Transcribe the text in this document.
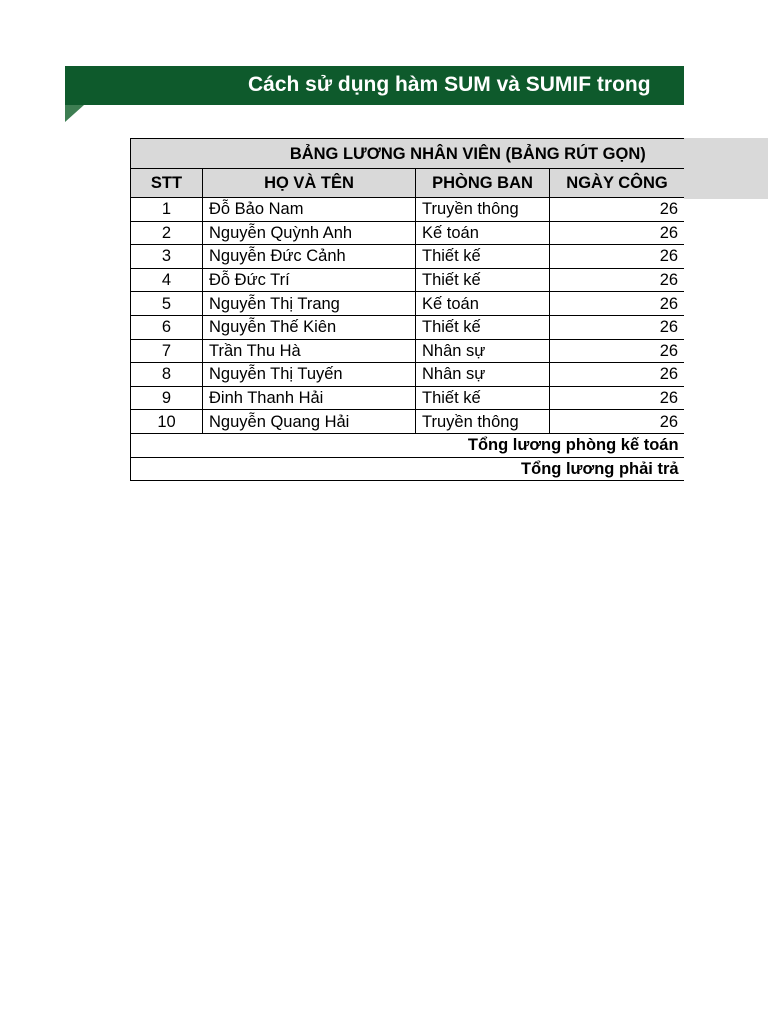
Cách sử dụng hàm SUM và SUMIF trong
BẢNG LƯƠNG NHÂN VIÊN (BẢNG RÚT GỌN)			
STT	HỌ VÀ TÊN	PHÒNG BAN	NGÀY CÔNG
1	Đỗ Bảo Nam	Truyền thông	26
2	Nguyễn Quỳnh Anh	Kế toán	26
3	Nguyễn Đức Cảnh	Thiết kế	26
4	Đỗ Đức Trí	Thiết kế	26
5	Nguyễn Thị Trang	Kế toán	26
6	Nguyễn Thế Kiên	Thiết kế	26
7	Trần Thu Hà	Nhân sự	26
8	Nguyễn Thị Tuyến	Nhân sự	26
9	Đinh Thanh Hải	Thiết kế	26
10	Nguyễn Quang Hải	Truyền thông	26
Tổng lương phòng kế toán			
Tổng lương phải trả			
